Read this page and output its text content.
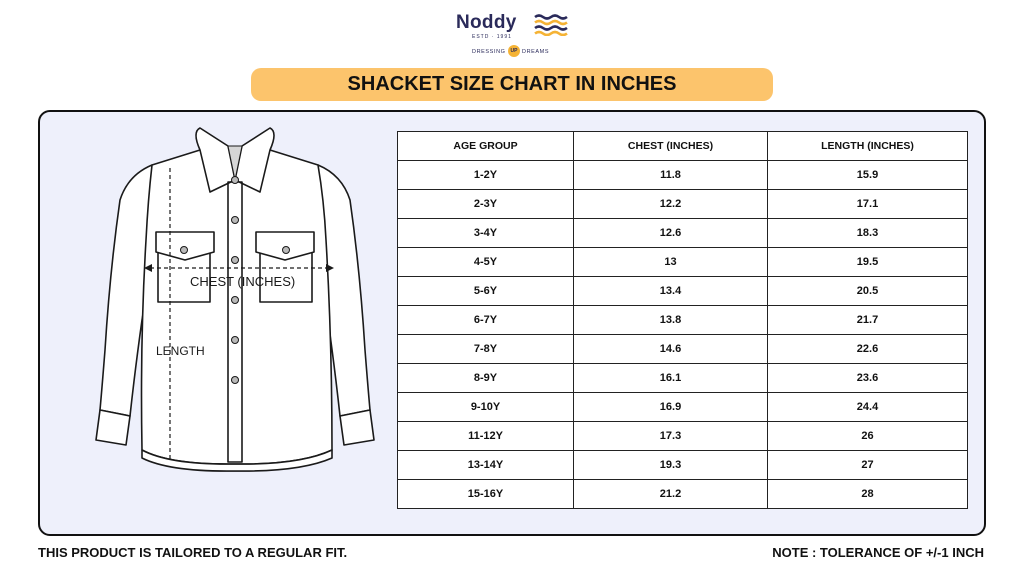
Noddy
ESTD · 1991
DRESSING UP DREAMS
SHACKET SIZE CHART IN INCHES
CHEST (INCHES)
LENGTH
AGE GROUP	CHEST (INCHES)	LENGTH (INCHES)
1-2Y	11.8	15.9
2-3Y	12.2	17.1
3-4Y	12.6	18.3
4-5Y	13	19.5
5-6Y	13.4	20.5
6-7Y	13.8	21.7
7-8Y	14.6	22.6
8-9Y	16.1	23.6
9-10Y	16.9	24.4
11-12Y	17.3	26
13-14Y	19.3	27
15-16Y	21.2	28
THIS PRODUCT IS TAILORED TO A REGULAR FIT.	NOTE : TOLERANCE OF +/-1 INCH
